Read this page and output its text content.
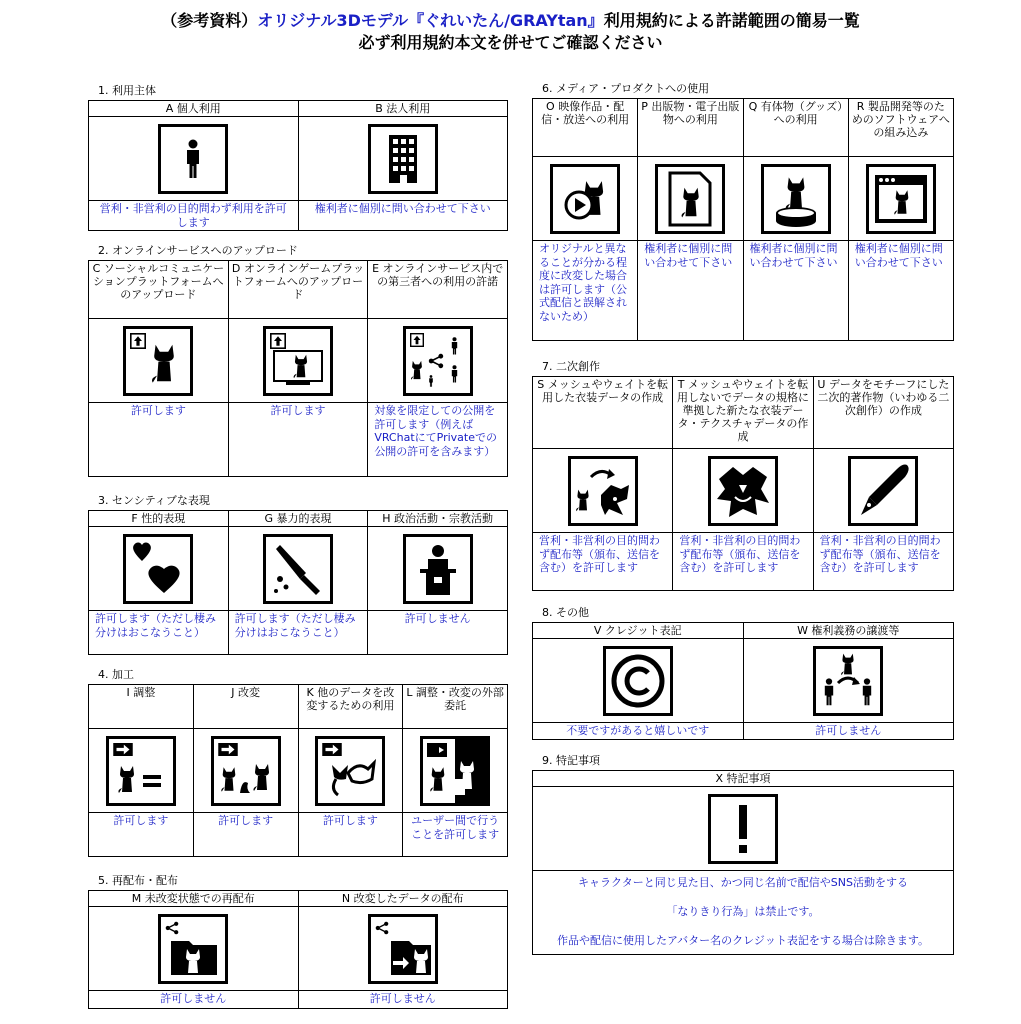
（参考資料）オリジナル3Dモデル『ぐれいたん/GRAYtan』利用規約による許諾範囲の簡易一覧
必ず利用規約本文を併せてご確認ください
1. 利用主体
A 個人利用	B 法人利用

営利・非営利の目的問わず利用を許可します	権利者に個別に問い合わせて下さい
2. オンラインサービスへのアップロード
C ソーシャルコミュニケーションプラットフォームへのアップロード	D オンラインゲームプラットフォームへのアップロード	E オンラインサービス内での第三者への利用の許諾

許可します	許可します	対象を限定しての公開を許可します（例えばVRChatにてPrivateでの公開の許可を含みます）
3. センシティブな表現
F 性的表現	G 暴力的表現	H 政治活動・宗教活動

許可します（ただし棲み分けはおこなうこと）	許可します（ただし棲み分けはおこなうこと）	許可しません
4. 加工
I 調整	J 改変	K 他のデータを改変するための利用	L 調整・改変の外部委託

許可します	許可します	許可します	ユーザー間で行うことを許可します
5. 再配布・配布
M 未改変状態での再配布	N 改変したデータの配布

許可しません	許可しません
6. メディア・プロダクトへの使用
O 映像作品・配信・放送への利用	P 出版物・電子出版物への利用	Q 有体物（グッズ）への利用	R 製品開発等のためのソフトウェアへの組み込み

オリジナルと異なることが分かる程度に改変した場合は許可します（公式配信と誤解されないため）	権利者に個別に問い合わせて下さい	権利者に個別に問い合わせて下さい	権利者に個別に問い合わせて下さい
7. 二次創作
S メッシュやウェイトを転用した衣装データの作成	T メッシュやウェイトを転用しないでデータの規格に準拠した新たな衣装データ・テクスチャデータの作成	U データをモチーフにした二次的著作物（いわゆる二次創作）の作成

営利・非営利の目的問わず配布等（頒布、送信を含む）を許可します	営利・非営利の目的問わず配布等（頒布、送信を含む）を許可します	営利・非営利の目的問わず配布等（頒布、送信を含む）を許可します
8. その他
V クレジット表記	W 権利義務の譲渡等

不要ですがあると嬉しいです	許可しません
9. 特記事項
X 特記事項

キャラクターと同じ見た目、かつ同じ名前で配信やSNS活動をする

「なりきり行為」は禁止です。

作品や配信に使用したアバター名のクレジット表記をする場合は除きます。
